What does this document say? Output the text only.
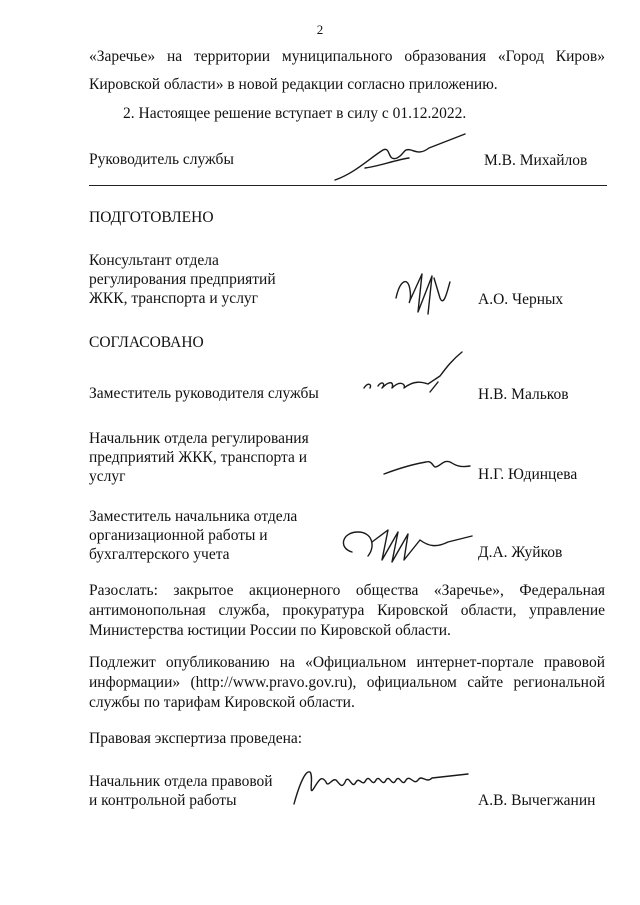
2
«Заречье» на территории муниципального образования «Город Киров»
Кировской области» в новой редакции согласно приложению.
2. Настоящее решение вступает в силу с 01.12.2022.
Руководитель службы	М.В. Михайлов
ПОДГОТОВЛЕНО
Консультант отдела
регулирования предприятий
ЖКК, транспорта и услуг	А.О. Черных
СОГЛАСОВАНО
Заместитель руководителя службы	Н.В. Мальков
Начальник отдела регулирования
предприятий ЖКК, транспорта и
услуг	Н.Г. Юдинцева
Заместитель начальника отдела
организационной работы и
бухгалтерского учета	Д.А. Жуйков
Разослать: закрытое акционерного общества «Заречье», Федеральная
антимонопольная служба, прокуратура Кировской области, управление
Министерства юстиции России по Кировской области.
Подлежит опубликованию на «Официальном интернет-портале правовой
информации» (http://www.pravo.gov.ru), официальном сайте региональной
службы по тарифам Кировской области.
Правовая экспертиза проведена:
Начальник отдела правовой
и контрольной работы	А.В. Вычегжанин
